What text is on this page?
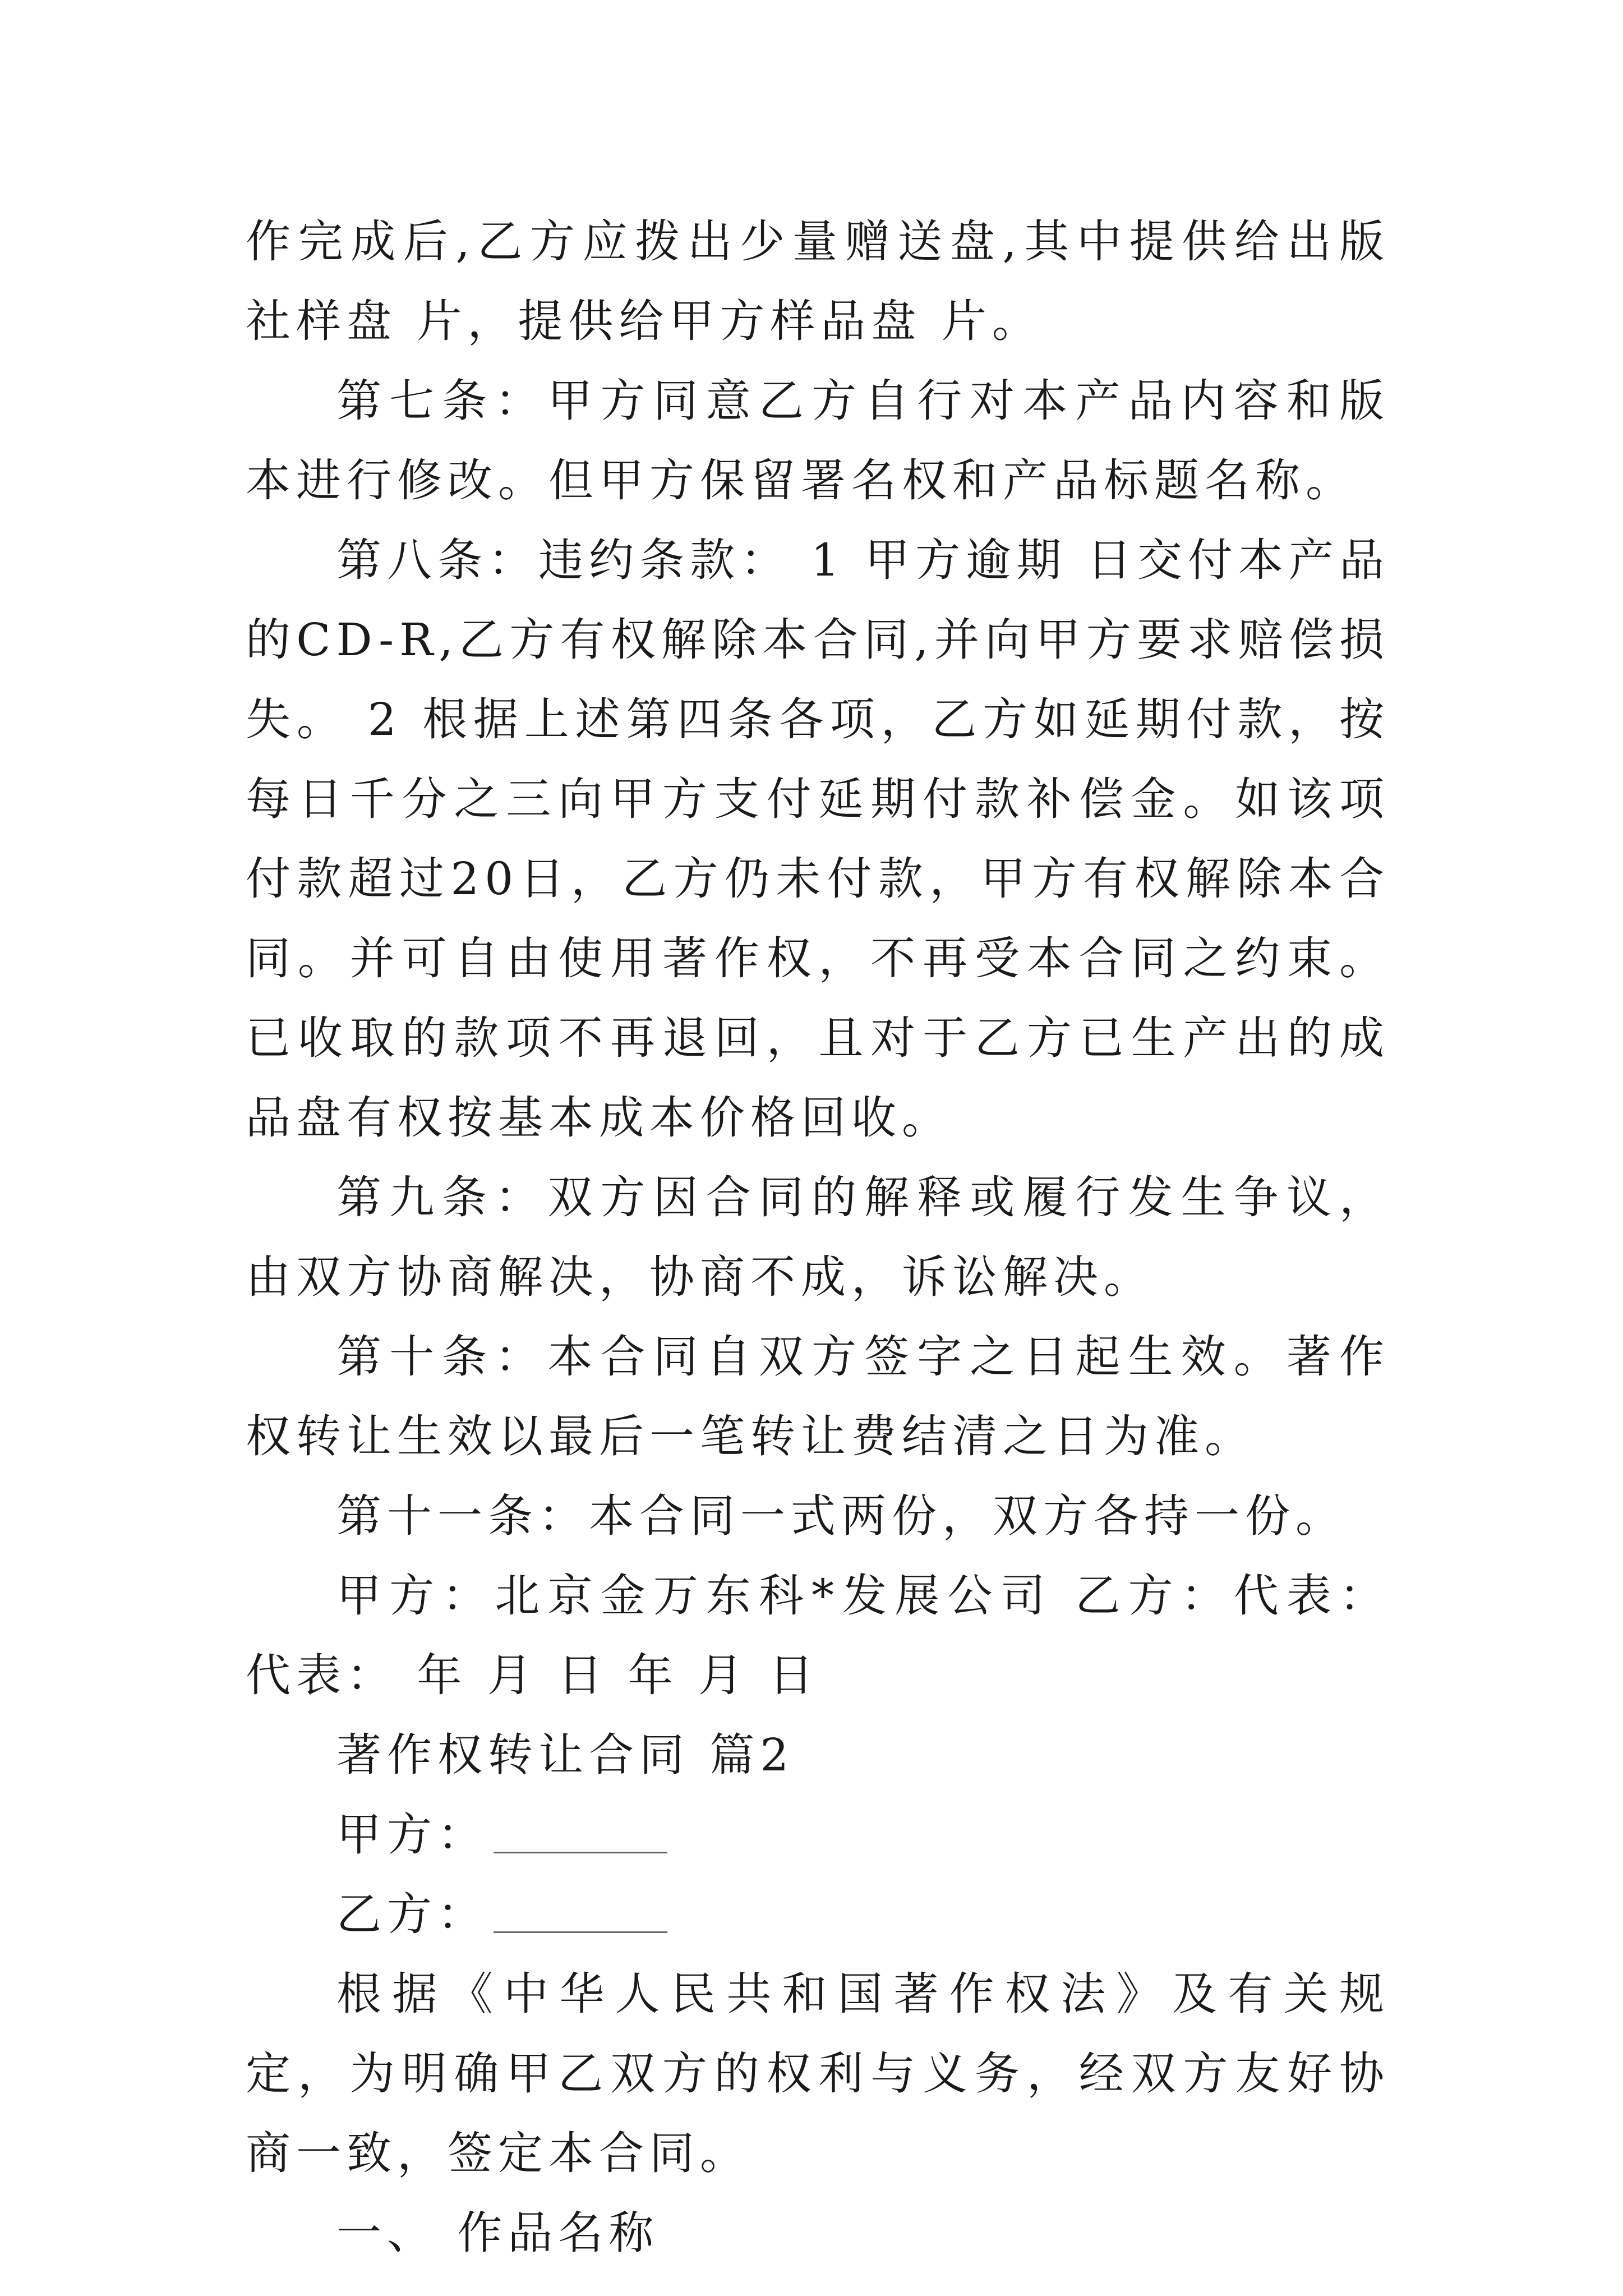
作完成后,乙方应拨出少量赠送盘,其中提供给出版社样盘 片，提供给甲方样品盘 片。

第七条：甲方同意乙方自行对本产品内容和版本进行修改。但甲方保留署名权和产品标题名称。

第八条：违约条款： 1 甲方逾期 日交付本产品的CD-R,乙方有权解除本合同,并向甲方要求赔偿损失。 2 根据上述第四条各项，乙方如延期付款，按每日千分之三向甲方支付延期付款补偿金。如该项付款超过20日，乙方仍未付款，甲方有权解除本合同。并可自由使用著作权，不再受本合同之约束。已收取的款项不再退回，且对于乙方已生产出的成品盘有权按基本成本价格回收。

第九条：双方因合同的解释或履行发生争议，由双方协商解决，协商不成，诉讼解决。

第十条：本合同自双方签字之日起生效。著作权转让生效以最后一笔转让费结清之日为准。

第十一条：本合同一式两份，双方各持一份。

甲方：北京金万东科*发展公司 乙方：代表： 代表： 年 月 日 年 月 日

著作权转让合同 篇2

甲方：

乙方：

根据《中华人民共和国著作权法》及有关规定，为明确甲乙双方的权利与义务，经双方友好协商一致，签定本合同。

一、 作品名称
